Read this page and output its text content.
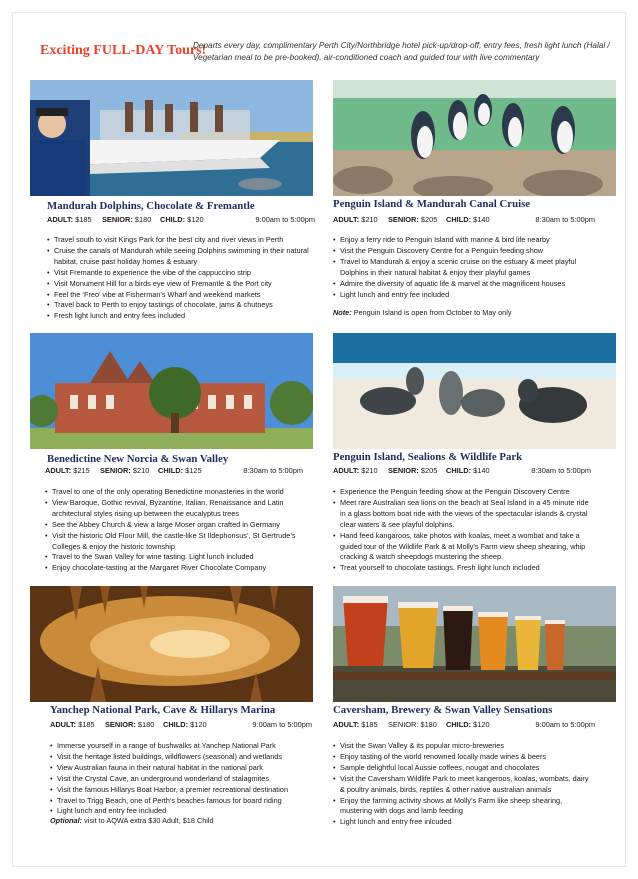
Exciting FULL-DAY Tours!
Departs every day, complimentary Perth City/Northbridge hotel pick-up/drop-off, entry fees, fresh light lunch (Halal / Vegetarian meal to be pre-booked), air-conditioned coach and guided tour with live commentary
Mandurah Dolphins, Chocolate & Fremantle
ADULT: $185 SENIOR: $180 CHILD: $120	9:00am to 5:00pm
• Travel south to visit Kings Park for the best city and river views in Perth
• Cruise the canals of Mandurah while seeing Dolphins swimming in their natural habitat, cruise past holiday homes & estuary
• Visit Fremantle to experience the vibe of the cappuccino strip
• Visit Monument Hill for a birds eye view of Fremantle & the Port city
• Feel the ‘Freo’ vibe at Fisherman’s Wharf and weekend markets
• Travel back to Perth to enjoy tastings of chocolate, jams & chutneys
• Fresh light lunch and entry fees included
Penguin Island & Mandurah Canal Cruise
ADULT: $210 SENIOR: $205 CHILD: $140	8:30am to 5:00pm
• Enjoy a ferry ride to Penguin Island with marine & bird life nearby
• Visit the Penguin Discovery Centre for a Penguin feeding show
• Travel to Mandurah & enjoy a scenic cruise on the estuary & meet playful Dolphins in their natural habitat & enjoy their playful games
• Admire the diversity of aquatic life & marvel at the magnificent houses
• Light lunch and entry fee included
Note: Penguin Island is open from October to May only
Benedictine New Norcia & Swan Valley
ADULT: $215 SENIOR: $210 CHILD: $125	8:30am to 5:00pm
• Travel to one of the only operating Benedictine monasteries in the world
• View Baroque, Gothic revival, Byzantine, Italian, Renaissance and Latin architectural styles rising up between the eucalyptus trees
• See the Abbey Church & view a large Moser organ crafted in Germany
• Visit the historic Old Flour Mill, the castle-like St Ildephonsus’, St Gertrude’s Colleges & enjoy the historic township
• Travel to the Swan Valley for wine tasting. Light lunch included
• Enjoy chocolate-tasting at the Margaret River Chocolate Company
Penguin Island, Sealions & Wildlife Park
ADULT: $210 SENIOR: $205 CHILD: $140	8:30am to 5:00pm
• Experience the Penguin feeding show at the Penguin Discovery Centre
• Meet rare Australian sea lions on the beach at Seal Island in a 45 minute ride in a glass bottom boat ride with the views of the spectacular islands & crystal clear waters & see playful dolphins.
• Hand feed kangaroos, take photos with koalas, meet a wombat and take a guided tour of the Wildlife Park & at Molly’s Farm view sheep shearing, whip cracking & watch sheepdogs mustering the sheep.
• Treat yourself to chocolate tastings. Fresh light lunch included
Yanchep National Park, Cave & Hillarys Marina
ADULT: $185 SENIOR: $180 CHILD: $120	9:00am to 5:00pm
• Immerse yourself in a range of bushwalks at Yanchep National Park
• Visit the heritage listed buildings, wildflowers (seasonal) and wetlands
• View Australian fauna in their natural habitat in the national park
• Visit the Crystal Cave, an underground wonderland of stalagmites
• Visit the famous Hillarys Boat Harbor, a premier recreational destination
• Travel to Trigg Beach, one of Perth’s beaches famous for board riding
• Light lunch and entry fee included
Optional: visit to AQWA extra $30 Adult, $18 Child
Caversham, Brewery & Swan Valley Sensations
ADULT: $185 SENIOR: $180 CHILD: $120	9:00am to 5:00pm
• Visit the Swan Valley & its popular micro-breweries
• Enjoy tasting of the world renowned locally made wines & beers
• Sample delightful local Aussie coffees, nougat and chocolates
• Visit the Caversham Wildlife Park to meet kangeroos, koalas, wombats, dairy & poultry animals, birds, reptiles & other native australian animals
• Enjoy the farming activity shows at Molly’s Farm like sheep shearing, mustering with dogs and lamb feeding
• Light lunch and entry free inlcuded
